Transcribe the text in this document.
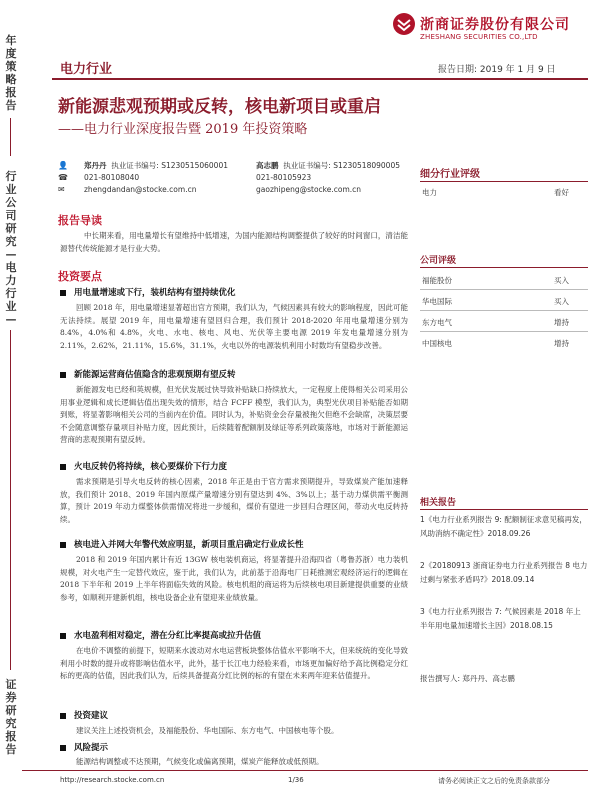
年度策略报告
行业公司研究—电力行业—
证券研究报告
浙商证券股份有限公司
ZHESHANG SECURITIES CO.,LTD
电力行业	报告日期: 2019 年 1 月 9 日
新能源悲观预期或反转，核电新项目或重启
——电力行业深度报告暨 2019 年投资策略
👤
☎
✉
郑丹丹 执业证书编号: S1230515060001
021-80108040
zhengdandan@stocke.com.cn
高志鹏 执业证书编号: S1230518090005
021-80105923
gaozhipeng@stocke.com.cn
细分行业评级
电力	看好
公司评级
福能股份	买入
华电国际	买入
东方电气	增持
中国核电	增持
相关报告
1《电力行业系列报告 9: 配额制征求意见稿再发，风助消纳不确定性》2018.09.26
2《20180913 浙商证券电力行业系列报告 8 电力过剩与紧张矛盾吗?》2018.09.14
3《电力行业系列报告 7: 气候因素是 2018 年上半年用电量加速增长主因》2018.08.15
报告撰写人: 郑丹丹、高志鹏
报告导读
中长期来看，用电量增长有望维持中低增速，为国内能源结构调整提供了较好的时间窗口，清洁能源替代传统能源才是行业大势。
投资要点
用电量增速或下行，装机结构有望持续优化
回顾 2018 年，用电量增速显著超出官方预期，我们认为，气候因素具有较大的影响程度，因此可能无法持续。展望 2019 年，用电量增速有望回归合理，我们预计 2018-2020 年用电量增速分别为 8.4%，4.0%和 4.8%，火电、水电、核电、风电、光伏等主要电源 2019 年发电量增速分别为 2.11%，2.62%，21.11%，15.6%，31.1%，火电以外的电源装机利用小时数均有望稳步改善。
新能源运营商估值隐含的悲观预期有望反转
新能源发电已经和英规模，但光伏发展过快导致补贴缺口持续放大，一定程度上使得相关公司采用公用事业逻辑和成长逻辑估值出现失效的情形，结合 FCFF 模型，我们认为，典型光伏项目补贴能否如期到账，将显著影响相关公司的当前内在价值。同时认为，补贴资金会存量被拖欠但绝不会缺席，决策层要不会随意调整存量项目补贴力度，因此预计，后续随着配额制及绿证等系列政策落地，市场对于新能源运营商的悲观预期有望反转。
火电反转仍将持续，核心要煤价下行力度
需求预期是引导火电反转的核心因素，2018 年正是由于官方需求预期提升，导致煤炭产能加速释放，我们预计 2018、2019 年国内原煤产量增速分别有望达到 4%、3%以上；基于动力煤供需平衡测算，预计 2019 年动力煤整体供需情况将进一步缓和，煤价有望进一步回归合理区间，带动火电反转持续。
核电进入并网大年警代效应明显，新项目重启确定行业成长性
2018 和 2019 年国内累计有近 13GW 核电装机商运，将显著提升沿海四省（粤鲁苏浙）电力装机规模，对火电产生一定替代效应，鉴于此，我们认为，此前基于沿海电厂日耗推测宏观经济运行的逻辑在 2018 下半年和 2019 上半年将面临失效的风险。核电机组的商运将为后续核电项目新建提供重要的业绩参考，如顺利开建新机组，核电设备企业有望迎来业绩放量。
水电盈利相对稳定，潜在分红比率提高或拉升估值
在电价不调整的前提下，短期来水波动对水电运营板块整体估值水平影响不大，但来统统的变化导致利用小时数的提升或将影响估值水平，此外，基于长江电力经验来看，市场更加偏好给予高比例稳定分红标的更高的估值，因此我们认为，后续具备提高分红比例的标的有望在未来两年迎来估值提升。
投资建议
建议关注上述投资机会，及福能股份、华电国际、东方电气、中国核电等个股。
风险提示
能源结构调整或不达预期，气候变化或偏离预期，煤炭产能释放或低预期。
http://research.stocke.com.cn	1/36	请务必阅读正文之后的免责条款部分
